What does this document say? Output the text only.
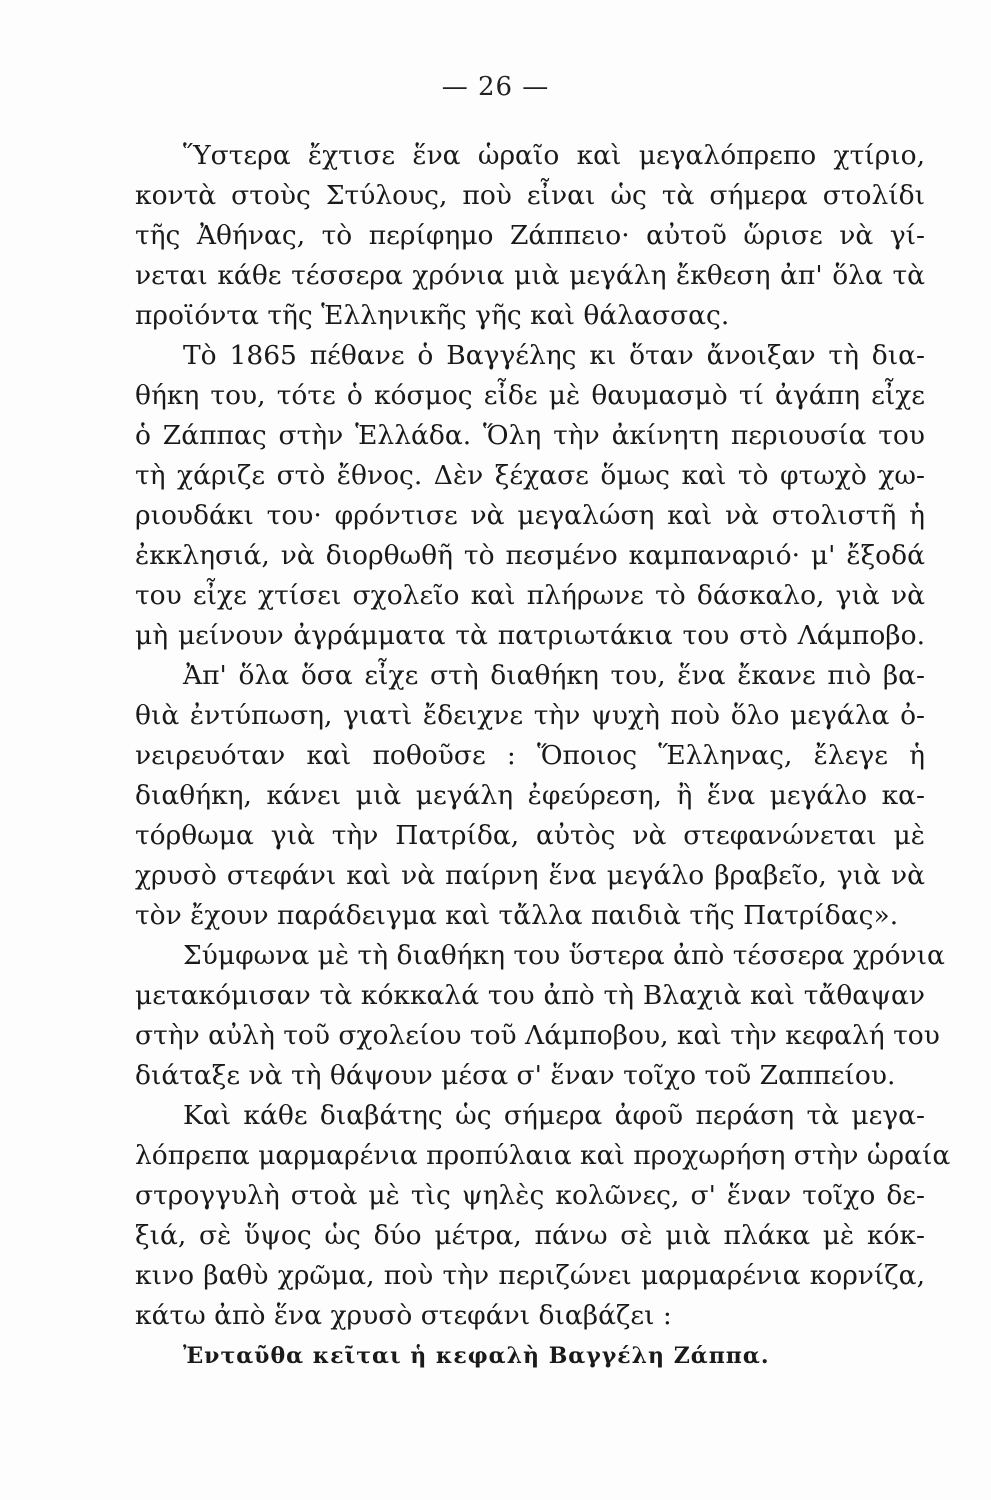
— 26 —
Ὕστερα ἔχτισε ἕνα ὡραῖο καὶ μεγαλόπρεπο χτίριο,
κοντὰ στοὺς Στύλους, ποὺ εἶναι ὡς τὰ σήμερα στολίδι
τῆς Ἀθήνας, τὸ περίφημο Ζάππειο· αὐτοῦ ὥρισε νὰ γί-
νεται κάθε τέσσερα χρόνια μιὰ μεγάλη ἔκθεση ἀπ' ὅλα τὰ
προϊόντα τῆς Ἑλληνικῆς γῆς καὶ θάλασσας.
Τὸ 1865 πέθανε ὁ Βαγγέλης κι ὅταν ἄνοιξαν τὴ δια-
θήκη του, τότε ὁ κόσμος εἶδε μὲ θαυμασμὸ τί ἀγάπη εἶχε
ὁ Ζάππας στὴν Ἑλλάδα. Ὅλη τὴν ἀκίνητη περιουσία του
τὴ χάριζε στὸ ἔθνος. Δὲν ξέχασε ὅμως καὶ τὸ φτωχὸ χω-
ριουδάκι του· φρόντισε νὰ μεγαλώση καὶ νὰ στολιστῆ ἡ
ἐκκλησιά, νὰ διορθωθῆ τὸ πεσμένο καμπαναριό· μ' ἔξοδά
του εἶχε χτίσει σχολεῖο καὶ πλήρωνε τὸ δάσκαλο, γιὰ νὰ
μὴ μείνουν ἀγράμματα τὰ πατριωτάκια του στὸ Λάμποβο.
Ἀπ' ὅλα ὅσα εἶχε στὴ διαθήκη του, ἕνα ἔκανε πιὸ βα-
θιὰ ἐντύπωση, γιατὶ ἔδειχνε τὴν ψυχὴ ποὺ ὅλο μεγάλα ὀ-
νειρευόταν καὶ ποθοῦσε : Ὅποιος Ἕλληνας, ἔλεγε ἡ
διαθήκη, κάνει μιὰ μεγάλη ἐφεύρεση, ἢ ἕνα μεγάλο κα-
τόρθωμα γιὰ τὴν Πατρίδα, αὐτὸς νὰ στεφανώνεται μὲ
χρυσὸ στεφάνι καὶ νὰ παίρνη ἕνα μεγάλο βραβεῖο, γιὰ νὰ
τὸν ἔχουν παράδειγμα καὶ τἄλλα παιδιὰ τῆς Πατρίδας».
Σύμφωνα μὲ τὴ διαθήκη του ὕστερα ἀπὸ τέσσερα χρόνια
μετακόμισαν τὰ κόκκαλά του ἀπὸ τὴ Βλαχιὰ καὶ τἄθαψαν
στὴν αὐλὴ τοῦ σχολείου τοῦ Λάμποβου, καὶ τὴν κεφαλή του
διάταξε νὰ τὴ θάψουν μέσα σ' ἕναν τοῖχο τοῦ Ζαππείου.
Καὶ κάθε διαβάτης ὡς σήμερα ἀφοῦ περάση τὰ μεγα-
λόπρεπα μαρμαρένια προπύλαια καὶ προχωρήση στὴν ὡραία
στρογγυλὴ στοὰ μὲ τὶς ψηλὲς κολῶνες, σ' ἕναν τοῖχο δε-
ξιά, σὲ ὕψος ὡς δύο μέτρα, πάνω σὲ μιὰ πλάκα μὲ κόκ-
κινο βαθὺ χρῶμα, ποὺ τὴν περιζώνει μαρμαρένια κορνίζα,
κάτω ἀπὸ ἕνα χρυσὸ στεφάνι διαβάζει :
Ἐνταῦθα κεῖται ἡ κεφαλὴ Βαγγέλη Ζάππα.
